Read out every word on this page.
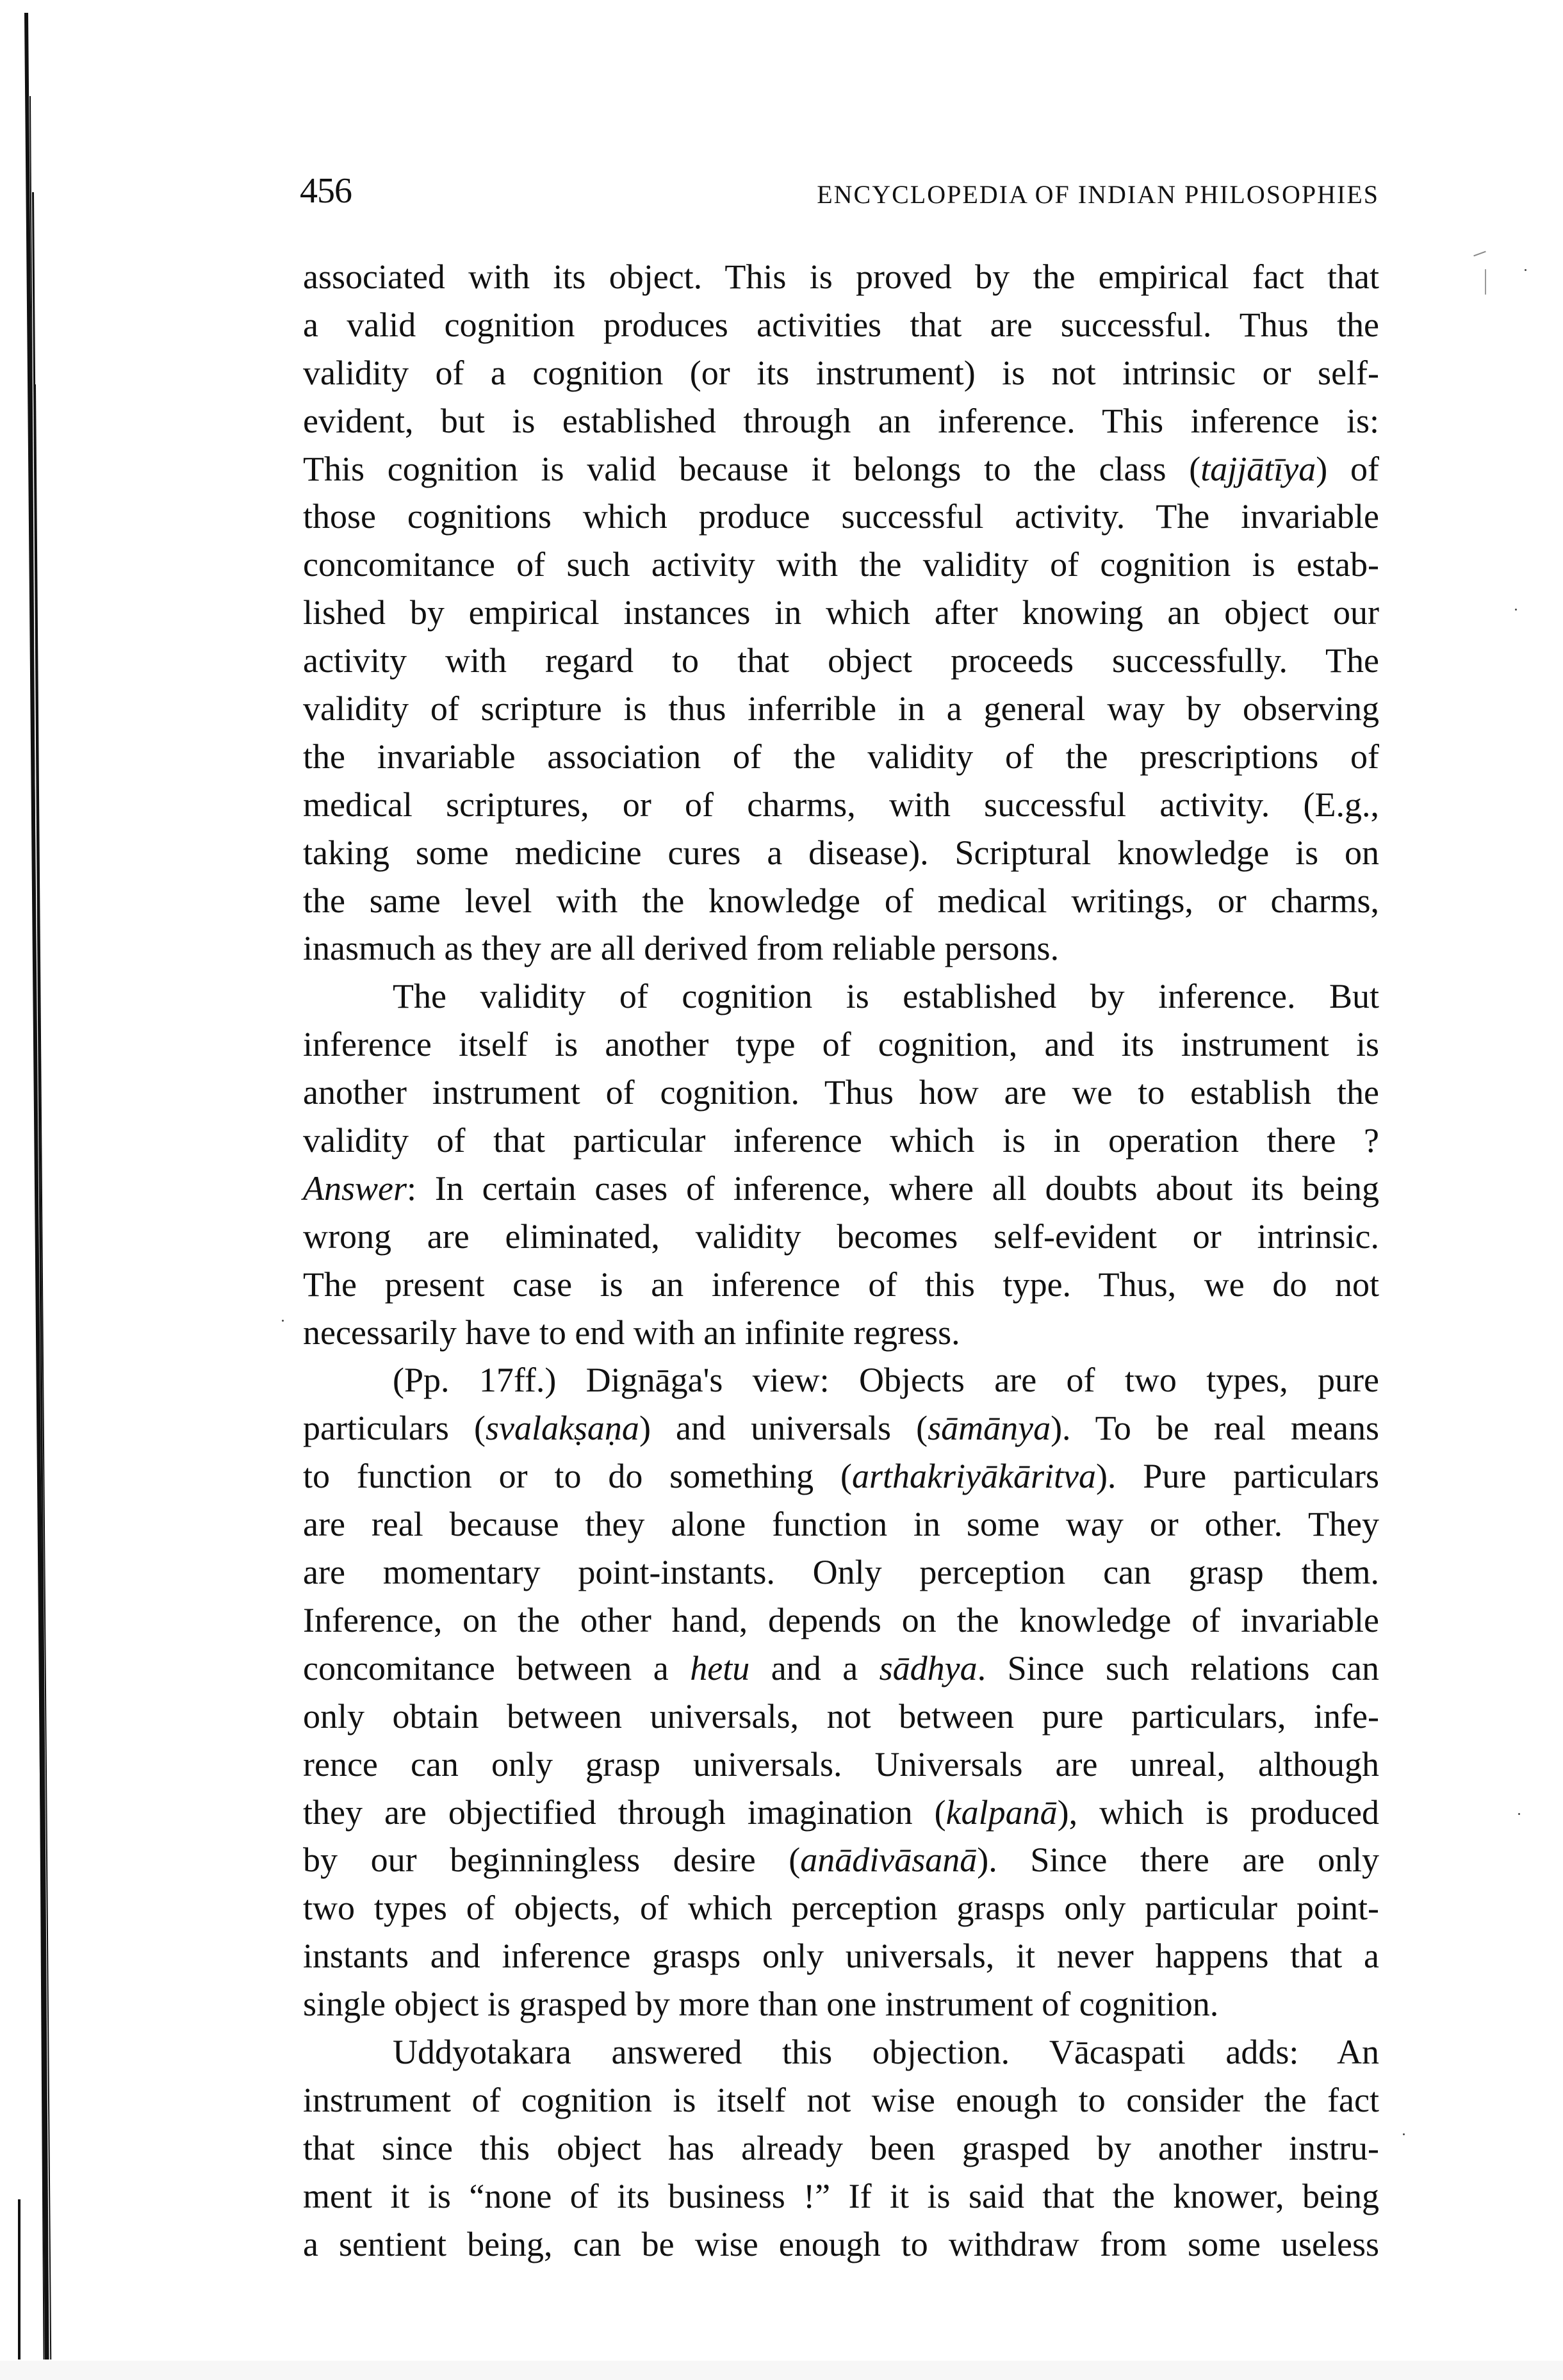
456	ENCYCLOPEDIA OF INDIAN PHILOSOPHIES
associated with its object. This is proved by the empirical fact that
a valid cognition produces activities that are successful. Thus the
validity of a cognition (or its instrument) is not intrinsic or self-
evident, but is established through an inference. This inference is:
This cognition is valid because it belongs to the class (tajjātīya) of
those cognitions which produce successful activity. The invariable
concomitance of such activity with the validity of cognition is estab-
lished by empirical instances in which after knowing an object our
activity with regard to that object proceeds successfully. The
validity of scripture is thus inferrible in a general way by observing
the invariable association of the validity of the prescriptions of
medical scriptures, or of charms, with successful activity. (E.g.,
taking some medicine cures a disease). Scriptural knowledge is on
the same level with the knowledge of medical writings, or charms,
inasmuch as they are all derived from reliable persons.
The validity of cognition is established by inference. But
inference itself is another type of cognition, and its instrument is
another instrument of cognition. Thus how are we to establish the
validity of that particular inference which is in operation there ?
Answer: In certain cases of inference, where all doubts about its being
wrong are eliminated, validity becomes self-evident or intrinsic.
The present case is an inference of this type. Thus, we do not
necessarily have to end with an infinite regress.
(Pp. 17ff.) Dignāga's view: Objects are of two types, pure
particulars (svalakṣaṇa) and universals (sāmānya). To be real means
to function or to do something (arthakriyākāritva). Pure particulars
are real because they alone function in some way or other. They
are momentary point-instants. Only perception can grasp them.
Inference, on the other hand, depends on the knowledge of invariable
concomitance between a hetu and a sādhya. Since such relations can
only obtain between universals, not between pure particulars, infe-
rence can only grasp universals. Universals are unreal, although
they are objectified through imagination (kalpanā), which is produced
by our beginningless desire (anādivāsanā). Since there are only
two types of objects, of which perception grasps only particular point-
instants and inference grasps only universals, it never happens that a
single object is grasped by more than one instrument of cognition.
Uddyotakara answered this objection. Vācaspati adds: An
instrument of cognition is itself not wise enough to consider the fact
that since this object has already been grasped by another instru-
ment it is “none of its business !” If it is said that the knower, being
a sentient being, can be wise enough to withdraw from some useless
